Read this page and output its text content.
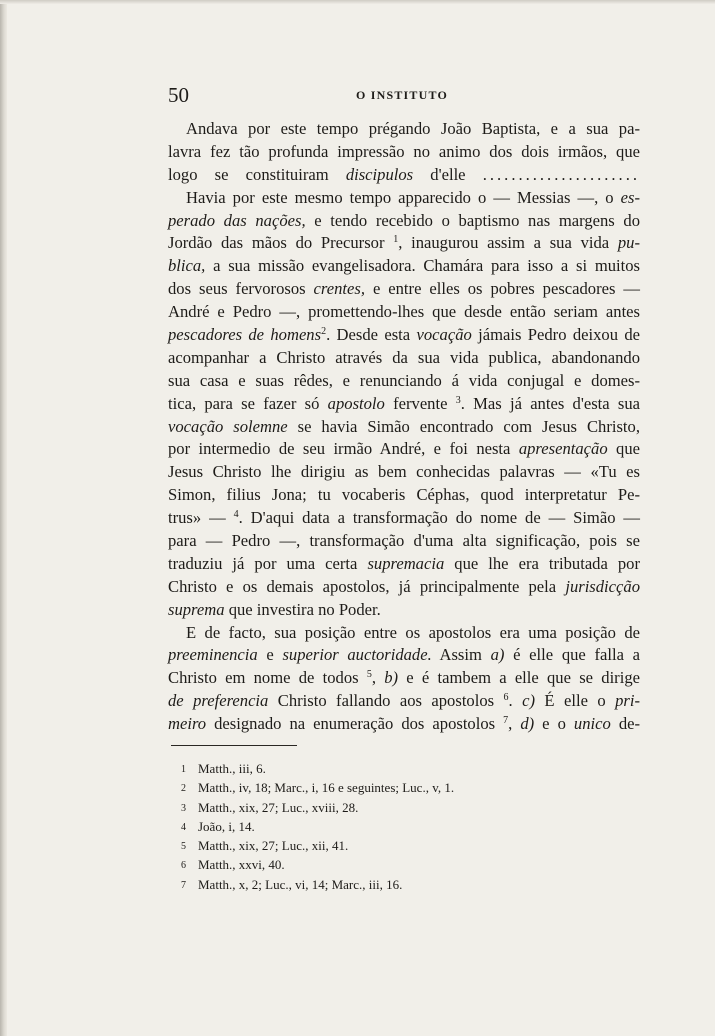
50	O INSTITUTO
Andava por este tempo prégando João Baptista, e a sua pa-
lavra fez tão profunda impressão no animo dos dois irmãos, que
logo se constituiram discipulos d'elle ......................
Havia por este mesmo tempo apparecido o — Messias —, o es-
perado das nações, e tendo recebido o baptismo nas margens do
Jordão das mãos do Precursor $^1$, inaugurou assim a sua vida pu-
blica, a sua missão evangelisadora. Chamára para isso a si muitos
dos seus fervorosos crentes, e entre elles os pobres pescadores —
André e Pedro —, promettendo-lhes que desde então seriam antes
pescadores de homens$^2$. Desde esta vocação jámais Pedro deixou de
acompanhar a Christo através da sua vida publica, abandonando
sua casa e suas rêdes, e renunciando á vida conjugal e domes-
tica, para se fazer só apostolo fervente $^3$. Mas já antes d'esta sua
vocação solemne se havia Simão encontrado com Jesus Christo,
por intermedio de seu irmão André, e foi nesta apresentação que
Jesus Christo lhe dirigiu as bem conhecidas palavras — «Tu es
Simon, filius Jona; tu vocaberis Céphas, quod interpretatur Pe-
trus» — $^4$. D'aqui data a transformação do nome de — Simão —
para — Pedro —, transformação d'uma alta significação, pois se
traduziu já por uma certa supremacia que lhe era tributada por
Christo e os demais apostolos, já principalmente pela jurisdicção
suprema que investira no Poder.
E de facto, sua posição entre os apostolos era uma posição de
preeminencia e superior auctoridade. Assim a) é elle que falla a
Christo em nome de todos $^5$, b) e é tambem a elle que se dirige
de preferencia Christo fallando aos apostolos $^6$. c) É elle o pri-
meiro designado na enumeração dos apostolos $^7$, d) e o unico de-
1 Matth., iii, 6.
2 Matth., iv, 18; Marc., i, 16 e seguintes; Luc., v, 1.
3 Matth., xix, 27; Luc., xviii, 28.
4 João, i, 14.
5 Matth., xix, 27; Luc., xii, 41.
6 Matth., xxvi, 40.
7 Matth., x, 2; Luc., vi, 14; Marc., iii, 16.
